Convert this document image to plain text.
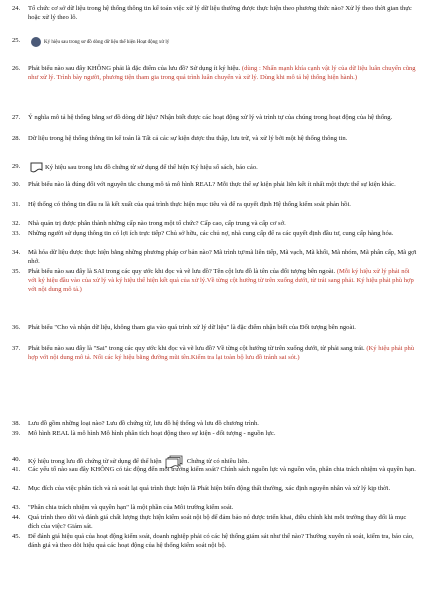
24.	Tổ chức cơ sở dữ liệu trong hệ thống thông tin kế toán việc xử lý dữ liệu thường được thực hiện theo phương thức nào? Xử lý theo thời gian thực hoặc xử lý theo lô.
25.	Ký hiệu sau trong sơ đồ dòng dữ liệu thể hiện Hoạt động xử lý
26.	Phát biểu nào sau đây KHÔNG phải là đặc điểm của lưu đồ? Sử dụng ít ký hiệu. (dùng : Nhấn mạnh khía cạnh vật lý của dữ liệu luân chuyển cũng như xử lý. Trình bày người, phương tiện tham gia trong quá trình luân chuyển và xử lý. Dùng khi mô tả hệ thống hiện hành.)
27.	Ý nghĩa mô tả hệ thống bằng sơ đồ dòng dữ liệu? Nhận biết được các hoạt động xử lý và trình tự của chúng trong hoạt động của hệ thống.
28.	Dữ liệu trong hệ thống thông tin kế toán là Tất cả các sự kiện được thu thập, lưu trữ, và xử lý bởi một hệ thống thông tin.
29.	Ký hiệu sau trong lưu đồ chứng từ sử dụng để thể hiện Ký hiệu số sách, báo cáo.
30.	Phát biểu nào là đúng đối với nguyên tắc chung mô tả mô hình REAL? Mỗi thực thể sự kiện phải liên kết ít nhất một thực thể sự kiện khác.
31.	Hệ thống có thông tin đầu ra là kết xuất của quá trình thực hiện mục tiêu và để ra quyết định Hệ thống kiểm soát phản hồi.
32.	Nhà quản trị được phân thành những cấp nào trong một tổ chức? Cấp cao, cấp trung và cấp cơ sở.
33.	Những người sử dụng thông tin có lợi ích trực tiếp? Chủ sở hữu, các chủ nợ, nhà cung cấp để ra các quyết định đầu tư, cung cấp hàng hóa.
34.	Mã hóa dữ liệu được thực hiện bằng những phương pháp cơ bản nào? Mã trình tự/mã liên tiếp, Mã vạch, Mã khối, Mã nhóm, Mã phân cấp, Mã gợi nhớ.
35.	Phát biểu nào sau đây là SAI trong các quy ước khi đọc và vẽ lưu đồ? Tên cột lưu đồ là tên của đối tượng bên ngoài. (Mỗi ký hiệu xử lý phải nối với ký hiệu đầu vào của xử lý và ký hiệu thể hiện kết quả của xử lý.Về từng cột hướng từ trên xuống dưới, từ trái sang phải. Ký hiệu phải phù hợp với nội dung mô tả.)
36.	Phát biểu "Cho và nhận dữ liệu, không tham gia vào quá trình xử lý dữ liệu" là đặc điểm nhận biết của Đối tượng bên ngoài.
37.	Phát biểu nào sau đây là "Sai" trong các quy ước khi đọc và vẽ lưu đồ? Về từng cột hướng từ trên xuống dưới, từ phải sang trái. (Ký hiệu phải phù hợp với nội dung mô tả. Nối các ký hiệu bằng đường mũi tên.Kiểm tra lại toàn bộ lưu đồ tránh sai sót.)
38.	Lưu đồ gồm những loại nào? Lưu đồ chứng từ, lưu đồ hệ thống và lưu đồ chương trình.
39.	Mô hình REAL là mô hình Mô hình phân tích hoạt động theo sự kiện - đối tượng - nguồn lực.
40.	Ký hiệu trong lưu đồ chứng từ sử dụng để thể hiện	Chứng từ có nhiều liên.
41.	Các yếu tố nào sau đây KHÔNG có tác động đến môi trường kiểm soát? Chính sách nguồn lực và nguồn vốn, phân chia trách nhiệm và quyền hạn.
42.	Mục đích của việc phân tích và rà soát lại quá trình thực hiện là Phát hiện biến động thất thường, xác định nguyên nhân và xử lý kịp thời.
43.	"Phân chia trách nhiệm và quyền hạn" là một phần của Môi trường kiểm soát.
44.	Quá trình theo dõi và đánh giá chất lượng thực hiện kiểm soát nội bộ để đảm bảo nó được triển khai, điều chỉnh khi môi trường thay đổi là mục đích của việc? Giám sát.
45.	Để đánh giá hiệu quả của hoạt động kiểm soát, doanh nghiệp phải có các hệ thống giám sát như thế nào? Thường xuyên rà soát, kiểm tra, báo cáo, đánh giá và theo dõi hiệu quả các hoạt động của hệ thống kiểm soát nội bộ.
